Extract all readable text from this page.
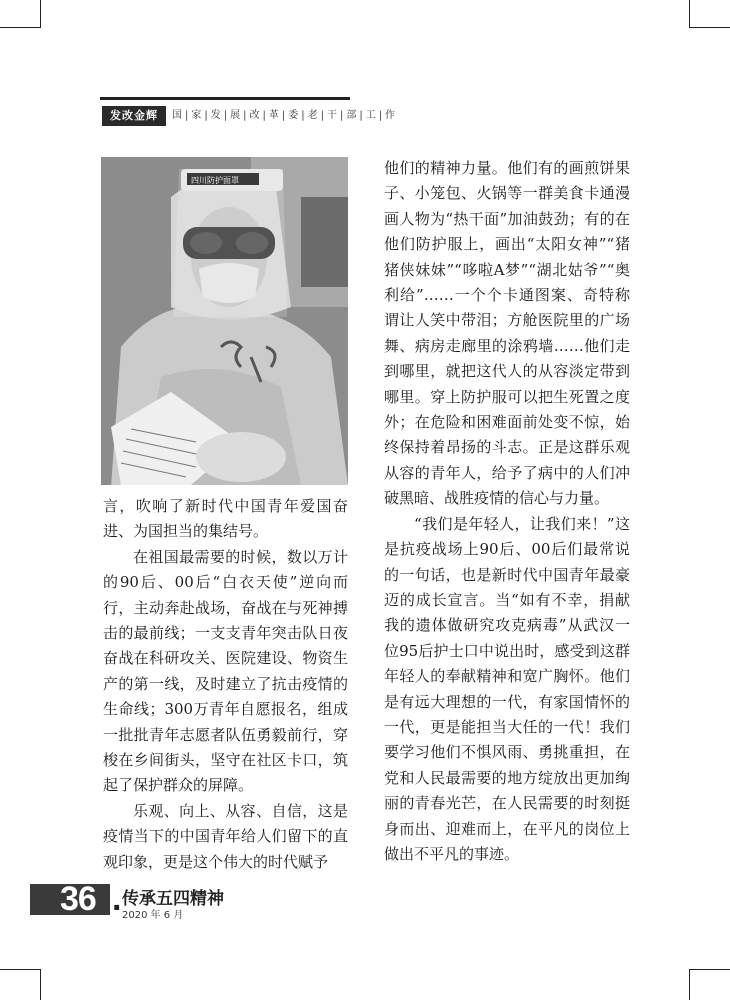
发改金辉	国|家|发|展|改|革|委|老|干|部|工|作
四川防护面罩

言，吹响了新时代中国青年爱国奋进、为国担当的集结号。

在祖国最需要的时候，数以万计的90后、00后“白衣天使”逆向而行，主动奔赴战场，奋战在与死神搏击的最前线；一支支青年突击队日夜奋战在科研攻关、医院建设、物资生产的第一线，及时建立了抗击疫情的生命线；300万青年自愿报名，组成一批批青年志愿者队伍勇毅前行，穿梭在乡间街头，坚守在社区卡口，筑起了保护群众的屏障。

乐观、向上、从容、自信，这是疫情当下的中国青年给人们留下的直观印象，更是这个伟大的时代赋予

他们的精神力量。他们有的画煎饼果子、小笼包、火锅等一群美食卡通漫画人物为“热干面”加油鼓劲；有的在他们防护服上，画出“太阳女神”“猪猪侠妹妹”“哆啦A梦”“湖北姑爷”“奥利给”……一个个卡通图案、奇特称谓让人笑中带泪；方舱医院里的广场舞、病房走廊里的涂鸦墙……他们走到哪里，就把这代人的从容淡定带到哪里。穿上防护服可以把生死置之度外；在危险和困难面前处变不惊，始终保持着昂扬的斗志。正是这群乐观从容的青年人，给予了病中的人们冲破黑暗、战胜疫情的信心与力量。

“我们是年轻人，让我们来！”这是抗疫战场上90后、00后们最常说的一句话，也是新时代中国青年最豪迈的成长宣言。当“如有不幸，捐献我的遗体做研究攻克病毒”从武汉一位95后护士口中说出时，感受到这群年轻人的奉献精神和宽广胸怀。他们是有远大理想的一代，有家国情怀的一代，更是能担当大任的一代！我们要学习他们不惧风雨、勇挑重担，在党和人民最需要的地方绽放出更加绚丽的青春光芒，在人民需要的时刻挺身而出、迎难而上，在平凡的岗位上做出不平凡的事迹。

36 . 传承五四精神
2020 年 6 月
